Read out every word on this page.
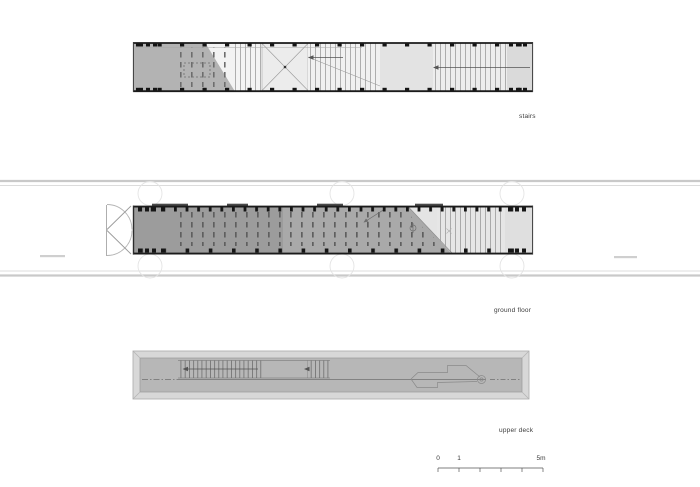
stairs
ground floor
upper deck
0	1	5m
